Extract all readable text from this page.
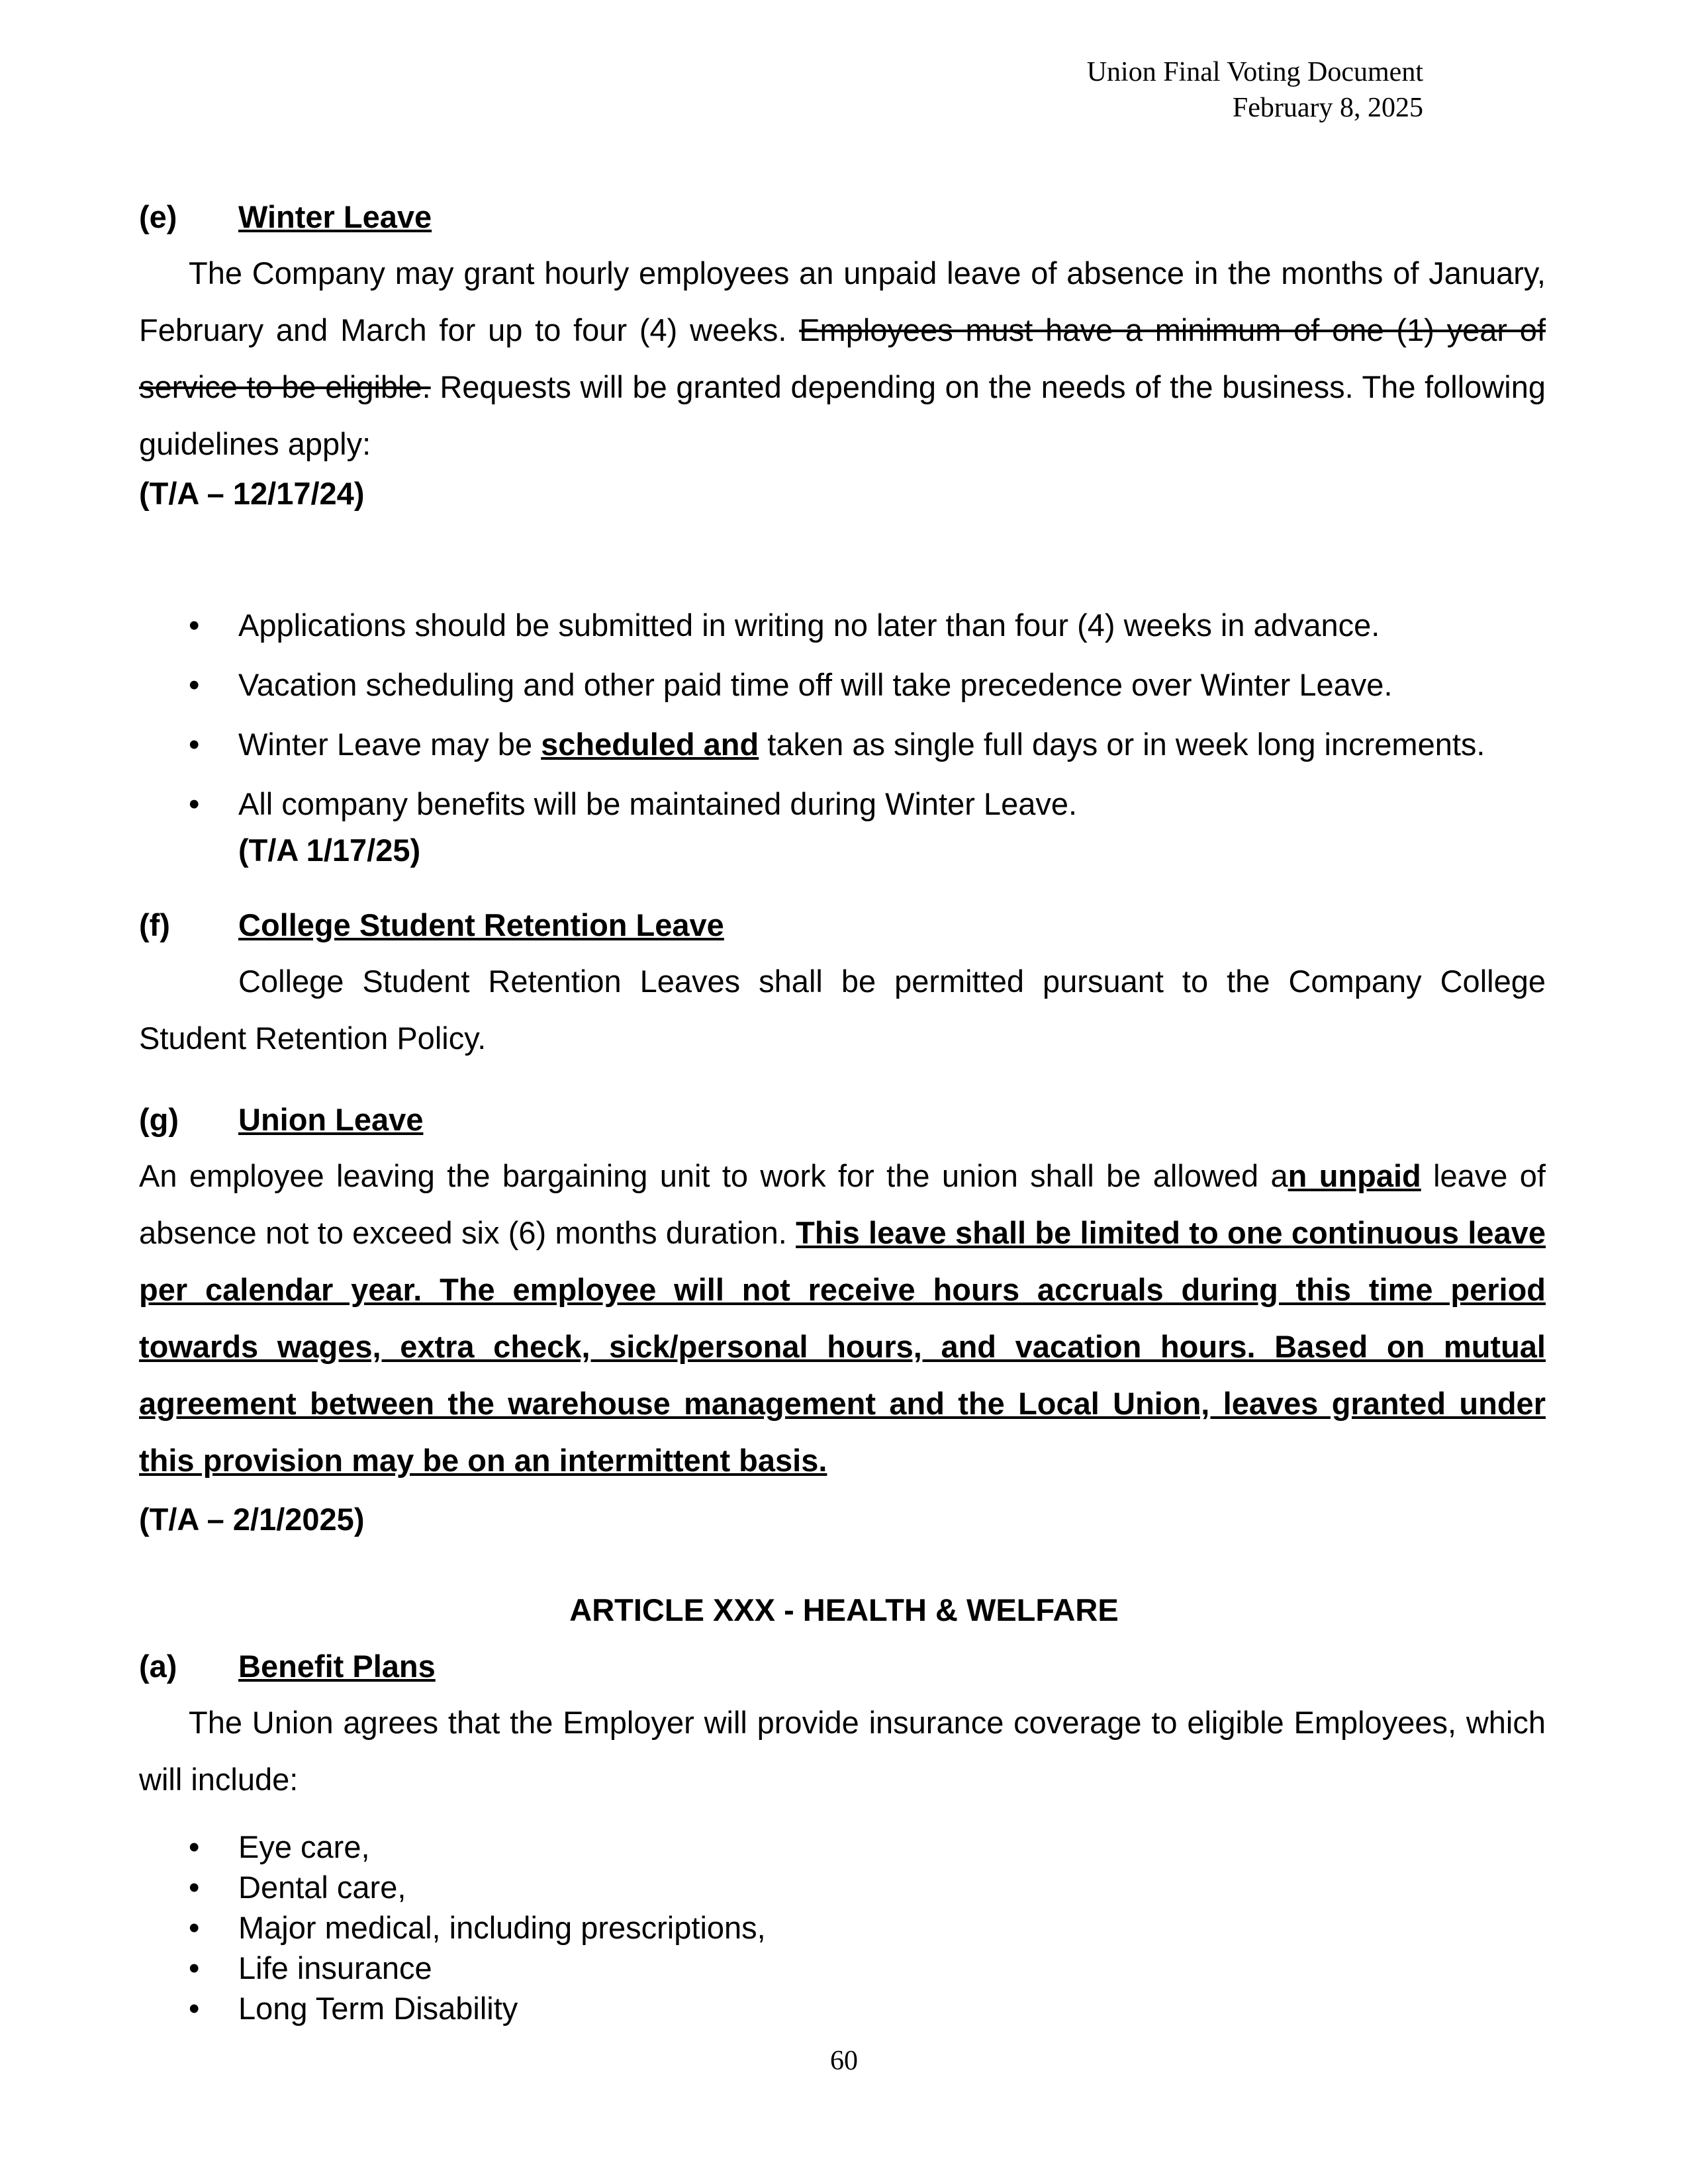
Union Final Voting Document
February 8, 2025
(e) Winter Leave
The Company may grant hourly employees an unpaid leave of absence in the months of January, February and March for up to four (4) weeks. Employees must have a minimum of one (1) year of service to be eligible. Requests will be granted depending on the needs of the business. The following guidelines apply:
(T/A – 12/17/24)
• Applications should be submitted in writing no later than four (4) weeks in advance.
• Vacation scheduling and other paid time off will take precedence over Winter Leave.
• Winter Leave may be scheduled and taken as single full days or in week long increments.
• All company benefits will be maintained during Winter Leave.
(T/A 1/17/25)
(f) College Student Retention Leave
College Student Retention Leaves shall be permitted pursuant to the Company College Student Retention Policy.
(g) Union Leave
An employee leaving the bargaining unit to work for the union shall be allowed an unpaid leave of absence not to exceed six (6) months duration. This leave shall be limited to one continuous leave per calendar year. The employee will not receive hours accruals during this time period towards wages, extra check, sick/personal hours, and vacation hours. Based on mutual agreement between the warehouse management and the Local Union, leaves granted under this provision may be on an intermittent basis.
(T/A – 2/1/2025)
ARTICLE XXX - HEALTH & WELFARE
(a) Benefit Plans
The Union agrees that the Employer will provide insurance coverage to eligible Employees, which will include:
• Eye care,
• Dental care,
• Major medical, including prescriptions,
• Life insurance
• Long Term Disability
60
